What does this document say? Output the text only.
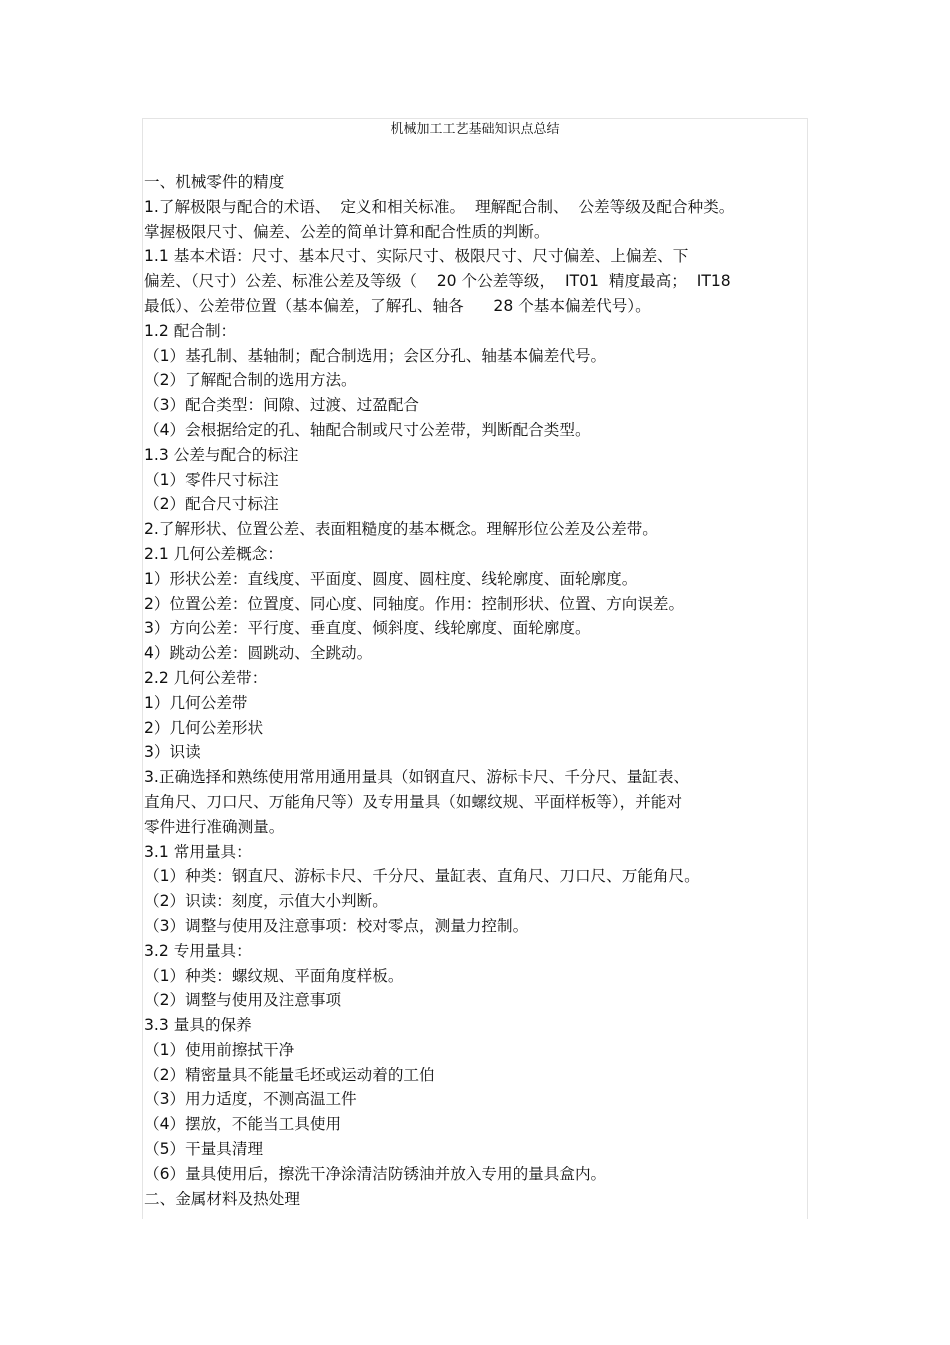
机械加工工艺基础知识点总结
一、机械零件的精度
1.了解极限与配合的术语、  定义和相关标准。  理解配合制、  公差等级及配合种类。
掌握极限尺寸、偏差、公差的简单计算和配合性质的判断。
1.1 基本术语：尺寸、基本尺寸、实际尺寸、极限尺寸、尺寸偏差、上偏差、下
偏差、（尺寸）公差、标准公差及等级（    20 个公差等级，  IT01  精度最高；  IT18
最低）、公差带位置（基本偏差，了解孔、轴各      28 个基本偏差代号）。
1.2 配合制：
（1）基孔制、基轴制；配合制选用；会区分孔、轴基本偏差代号。
（2）了解配合制的选用方法。
（3）配合类型：间隙、过渡、过盈配合
（4）会根据给定的孔、轴配合制或尺寸公差带，判断配合类型。
1.3 公差与配合的标注
（1）零件尺寸标注
（2）配合尺寸标注
2.了解形状、位置公差、表面粗糙度的基本概念。理解形位公差及公差带。
2.1 几何公差概念：
1）形状公差：直线度、平面度、圆度、圆柱度、线轮廓度、面轮廓度。
2）位置公差：位置度、同心度、同轴度。作用：控制形状、位置、方向误差。
3）方向公差：平行度、垂直度、倾斜度、线轮廓度、面轮廓度。
4）跳动公差：圆跳动、全跳动。
2.2 几何公差带：
1）几何公差带
2）几何公差形状
3）识读
3.正确选择和熟练使用常用通用量具（如钢直尺、游标卡尺、千分尺、量缸表、
直角尺、刀口尺、万能角尺等）及专用量具（如螺纹规、平面样板等），并能对
零件进行准确测量。
3.1 常用量具：
（1）种类：钢直尺、游标卡尺、千分尺、量缸表、直角尺、刀口尺、万能角尺。
（2）识读：刻度，示值大小判断。
（3）调整与使用及注意事项：校对零点，测量力控制。
3.2 专用量具：
（1）种类：螺纹规、平面角度样板。
（2）调整与使用及注意事项
3.3 量具的保养
（1）使用前擦拭干净
（2）精密量具不能量毛坯或运动着的工伯
（3）用力适度，不测高温工件
（4）摆放，不能当工具使用
（5）干量具清理
（6）量具使用后，擦洗干净涂清洁防锈油并放入专用的量具盒内。
二、金属材料及热处理
